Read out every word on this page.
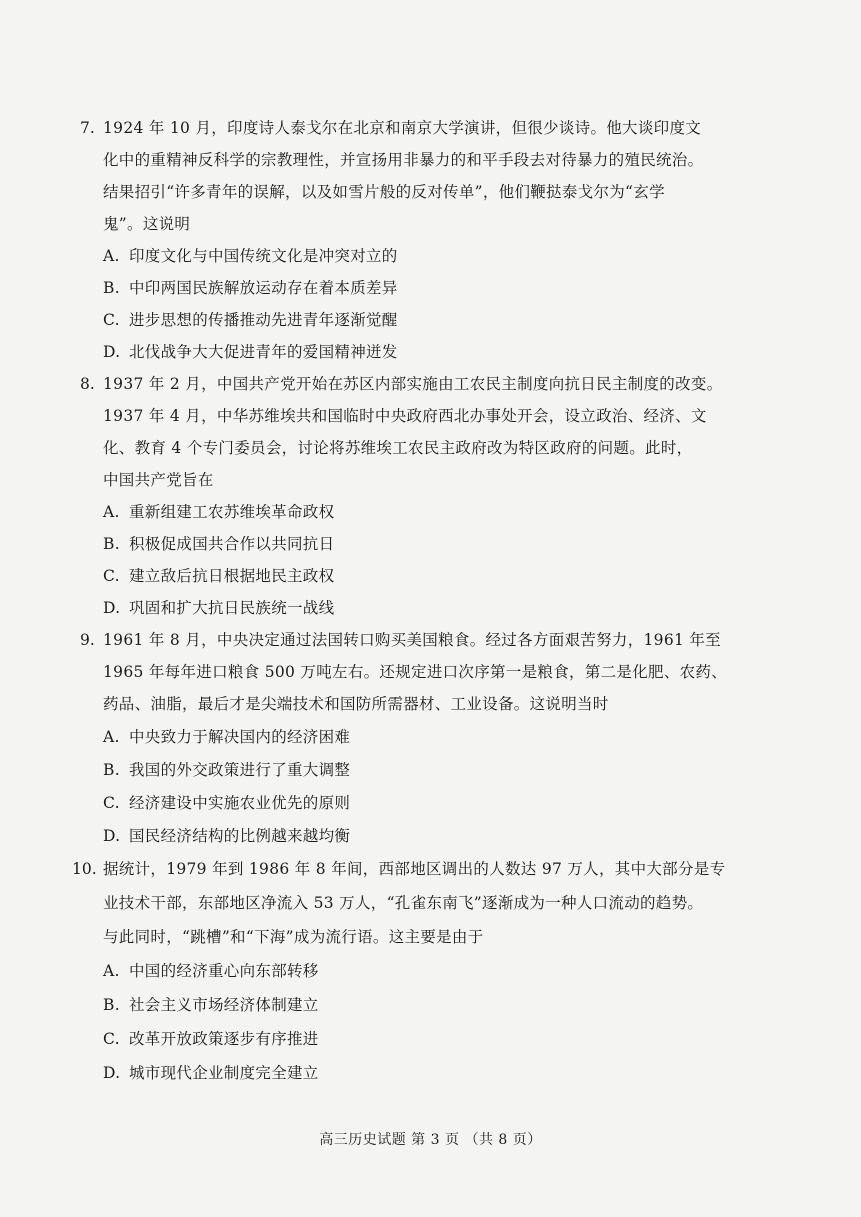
7. 1924 年 10 月，印度诗人泰戈尔在北京和南京大学演讲，但很少谈诗。他大谈印度文
化中的重精神反科学的宗教理性，并宣扬用非暴力的和平手段去对待暴力的殖民统治。
结果招引“许多青年的误解，以及如雪片般的反对传单”，他们鞭挞泰戈尔为“玄学
鬼”。这说明
A. 印度文化与中国传统文化是冲突对立的
B. 中印两国民族解放运动存在着本质差异
C. 进步思想的传播推动先进青年逐渐觉醒
D. 北伐战争大大促进青年的爱国精神迸发
8. 1937 年 2 月，中国共产党开始在苏区内部实施由工农民主制度向抗日民主制度的改变。
1937 年 4 月，中华苏维埃共和国临时中央政府西北办事处开会，设立政治、经济、文
化、教育 4 个专门委员会，讨论将苏维埃工农民主政府改为特区政府的问题。此时，
中国共产党旨在
A. 重新组建工农苏维埃革命政权
B. 积极促成国共合作以共同抗日
C. 建立敌后抗日根据地民主政权
D. 巩固和扩大抗日民族统一战线
9. 1961 年 8 月，中央决定通过法国转口购买美国粮食。经过各方面艰苦努力，1961 年至
1965 年每年进口粮食 500 万吨左右。还规定进口次序第一是粮食，第二是化肥、农药、
药品、油脂，最后才是尖端技术和国防所需器材、工业设备。这说明当时
A. 中央致力于解决国内的经济困难
B. 我国的外交政策进行了重大调整
C. 经济建设中实施农业优先的原则
D. 国民经济结构的比例越来越均衡
10. 据统计，1979 年到 1986 年 8 年间，西部地区调出的人数达 97 万人，其中大部分是专
业技术干部，东部地区净流入 53 万人，“孔雀东南飞”逐渐成为一种人口流动的趋势。
与此同时，“跳槽”和“下海”成为流行语。这主要是由于
A. 中国的经济重心向东部转移
B. 社会主义市场经济体制建立
C. 改革开放政策逐步有序推进
D. 城市现代企业制度完全建立
高三历史试题 第 3 页 （共 8 页）
